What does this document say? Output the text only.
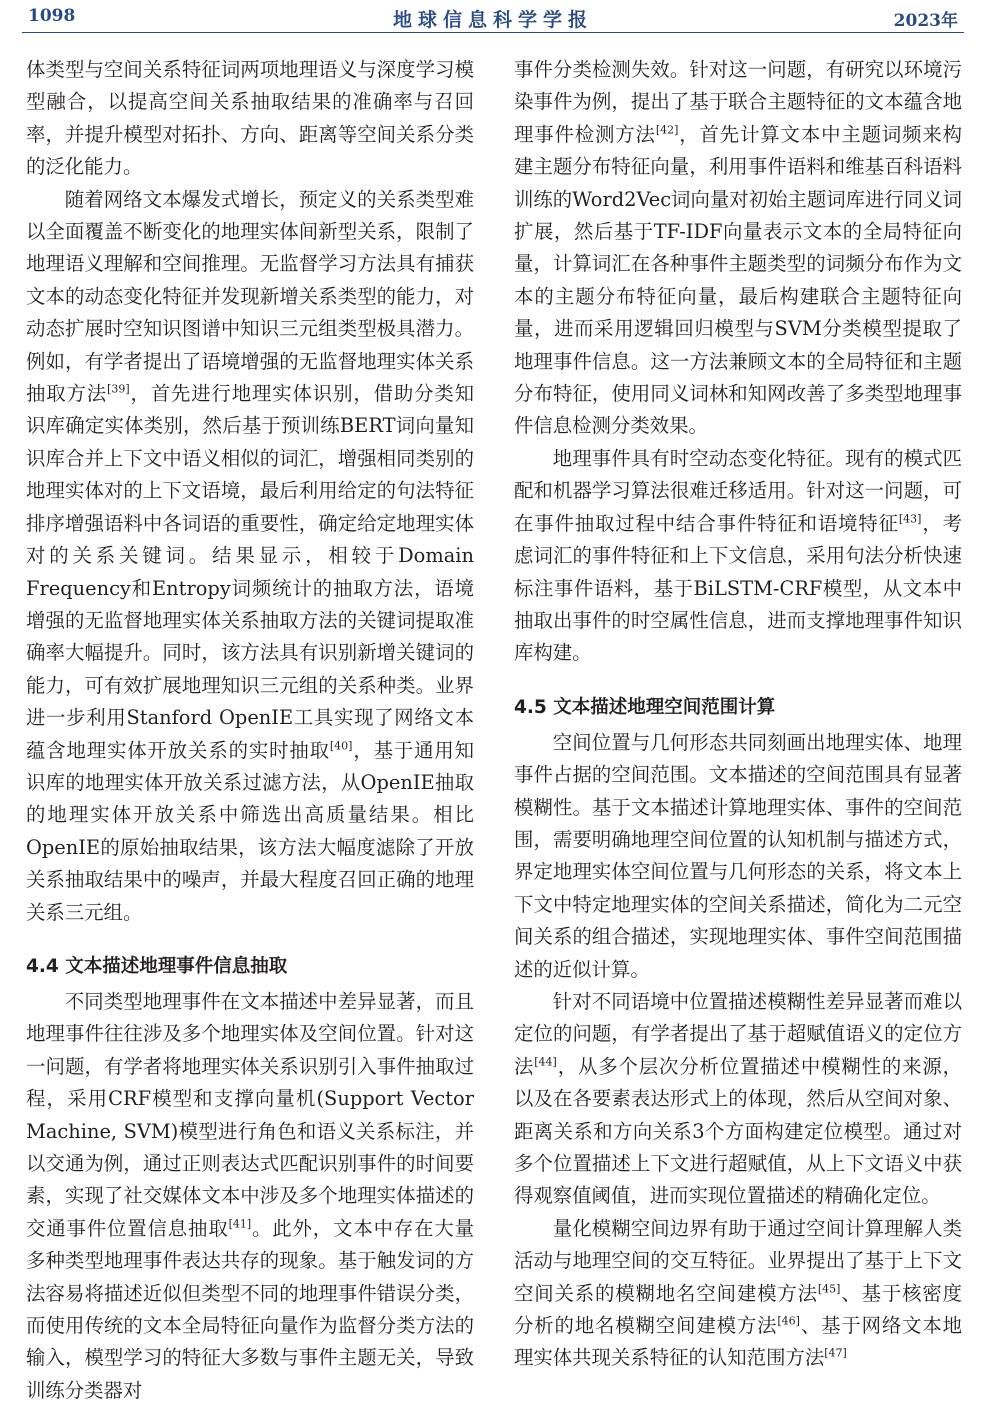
1098	地球信息科学学报	2023年

体类型与空间关系特征词两项地理语义与深度学习模型融合，以提高空间关系抽取结果的准确率与召回率，并提升模型对拓扑、方向、距离等空间关系分类的泛化能力。

随着网络文本爆发式增长，预定义的关系类型难以全面覆盖不断变化的地理实体间新型关系，限制了地理语义理解和空间推理。无监督学习方法具有捕获文本的动态变化特征并发现新增关系类型的能力，对动态扩展时空知识图谱中知识三元组类型极具潜力。例如，有学者提出了语境增强的无监督地理实体关系抽取方法[39]，首先进行地理实体识别，借助分类知识库确定实体类别，然后基于预训练BERT词向量知识库合并上下文中语义相似的词汇，增强相同类别的地理实体对的上下文语境，最后利用给定的句法特征排序增强语料中各词语的重要性，确定给定地理实体对的关系关键词。结果显示，相较于Domain Frequency和Entropy词频统计的抽取方法，语境增强的无监督地理实体关系抽取方法的关键词提取准确率大幅提升。同时，该方法具有识别新增关键词的能力，可有效扩展地理知识三元组的关系种类。业界进一步利用Stanford OpenIE工具实现了网络文本蕴含地理实体开放关系的实时抽取[40]，基于通用知识库的地理实体开放关系过滤方法，从OpenIE抽取的地理实体开放关系中筛选出高质量结果。相比OpenIE的原始抽取结果，该方法大幅度滤除了开放关系抽取结果中的噪声，并最大程度召回正确的地理关系三元组。

4.4 文本描述地理事件信息抽取

不同类型地理事件在文本描述中差异显著，而且地理事件往往涉及多个地理实体及空间位置。针对这一问题，有学者将地理实体关系识别引入事件抽取过程，采用CRF模型和支撑向量机(Support Vector Machine, SVM)模型进行角色和语义关系标注，并以交通为例，通过正则表达式匹配识别事件的时间要素，实现了社交媒体文本中涉及多个地理实体描述的交通事件位置信息抽取[41]。此外，文本中存在大量多种类型地理事件表达共存的现象。基于触发词的方法容易将描述近似但类型不同的地理事件错误分类，而使用传统的文本全局特征向量作为监督分类方法的输入，模型学习的特征大多数与事件主题无关，导致训练分类器对

事件分类检测失效。针对这一问题，有研究以环境污染事件为例，提出了基于联合主题特征的文本蕴含地理事件检测方法[42]，首先计算文本中主题词频来构建主题分布特征向量，利用事件语料和维基百科语料训练的Word2Vec词向量对初始主题词库进行同义词扩展，然后基于TF-IDF向量表示文本的全局特征向量，计算词汇在各种事件主题类型的词频分布作为文本的主题分布特征向量，最后构建联合主题特征向量，进而采用逻辑回归模型与SVM分类模型提取了地理事件信息。这一方法兼顾文本的全局特征和主题分布特征，使用同义词林和知网改善了多类型地理事件信息检测分类效果。

地理事件具有时空动态变化特征。现有的模式匹配和机器学习算法很难迁移适用。针对这一问题，可在事件抽取过程中结合事件特征和语境特征[43]，考虑词汇的事件特征和上下文信息，采用句法分析快速标注事件语料，基于BiLSTM-CRF模型，从文本中抽取出事件的时空属性信息，进而支撑地理事件知识库构建。

4.5 文本描述地理空间范围计算

空间位置与几何形态共同刻画出地理实体、地理事件占据的空间范围。文本描述的空间范围具有显著模糊性。基于文本描述计算地理实体、事件的空间范围，需要明确地理空间位置的认知机制与描述方式，界定地理实体空间位置与几何形态的关系，将文本上下文中特定地理实体的空间关系描述，简化为二元空间关系的组合描述，实现地理实体、事件空间范围描述的近似计算。

针对不同语境中位置描述模糊性差异显著而难以定位的问题，有学者提出了基于超赋值语义的定位方法[44]，从多个层次分析位置描述中模糊性的来源，以及在各要素表达形式上的体现，然后从空间对象、距离关系和方向关系3个方面构建定位模型。通过对多个位置描述上下文进行超赋值，从上下文语义中获得观察值阈值，进而实现位置描述的精确化定位。

量化模糊空间边界有助于通过空间计算理解人类活动与地理空间的交互特征。业界提出了基于上下文空间关系的模糊地名空间建模方法[45]、基于核密度分析的地名模糊空间建模方法[46]、基于网络文本地理实体共现关系特征的认知范围方法[47]
